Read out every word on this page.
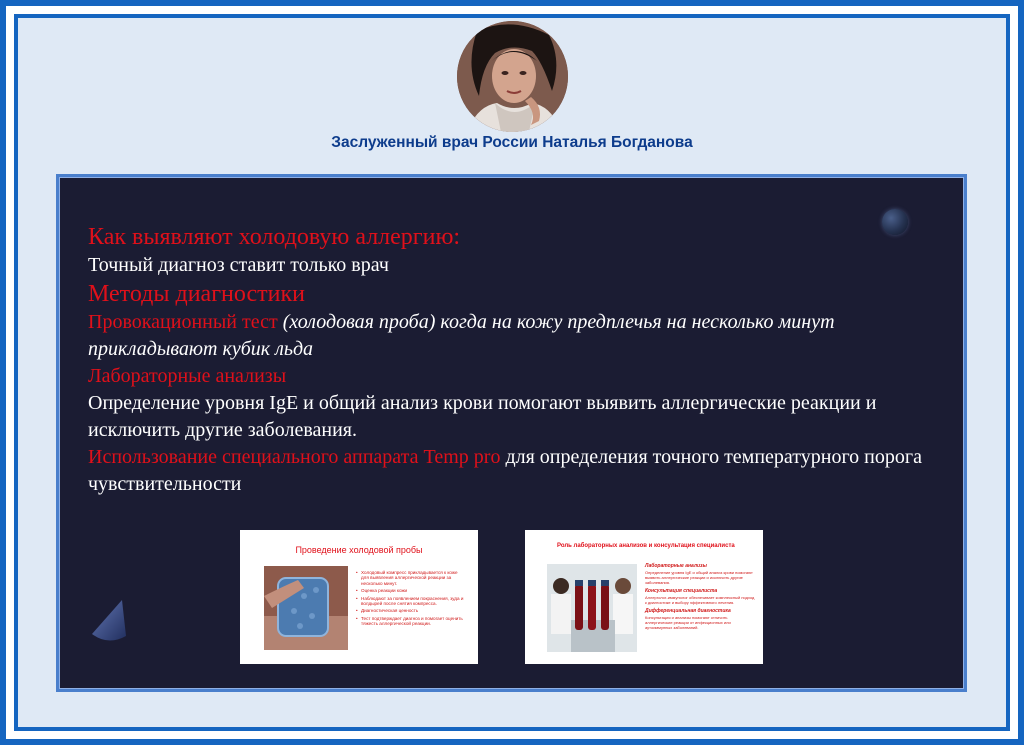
Заслуженный врач России Наталья Богданова
Как выявляют холодовую аллергию:
Точный диагноз ставит только врач
Методы диагностики
Провокационный тест (холодовая проба) когда на кожу предплечья на несколько минут прикладывают кубик льда
Лабораторные анализы
Определение уровня IgE и общий анализ крови помогают выявить аллергические реакции и исключить другие заболевания.
Использование специального аппарата Temp pro для определения точного температурного порога чувствительности
Проведение холодовой пробы
• Холодовый компресс прикладывается к коже для выявления аллергической реакции за несколько минут.
• Оценка реакции кожи
• Наблюдают за появлением покраснения, зуда и волдырей после снятия компресса.
• Диагностическая ценность
• Тест подтверждает диагноз и помогает оценить тяжесть аллергической реакции.
Роль лабораторных анализов и консультация специалиста
Лабораторные анализы
Определение уровня IgE и общий анализ крови помогают выявить аллергические реакции и исключить другие заболевания.
Консультация специалиста
Аллерголог-иммунолог обеспечивает комплексный подход к диагностике и выбору эффективного лечения.
Дифференциальная диагностика
Консультация и анализы помогают отличить аллергические реакции от инфекционных или аутоиммунных заболеваний.
